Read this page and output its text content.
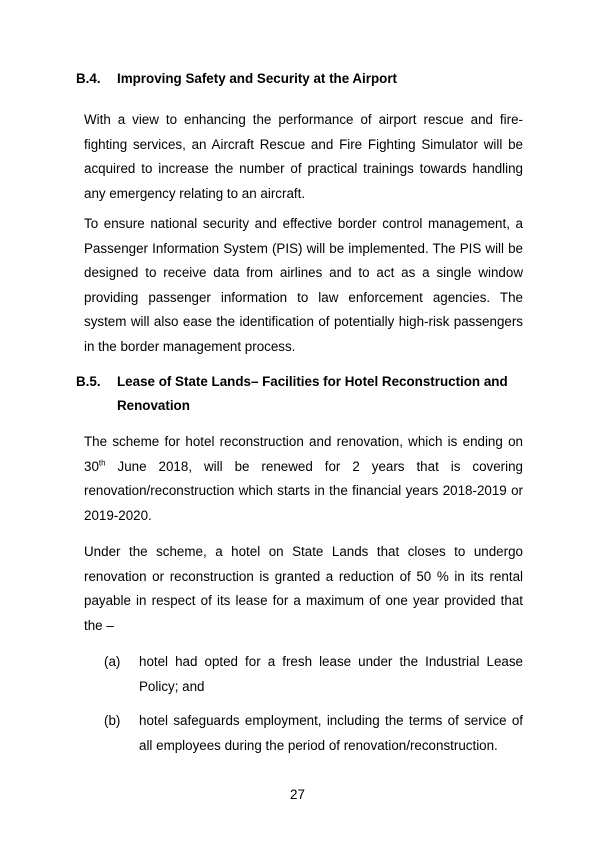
B.4. Improving Safety and Security at the Airport

With a view to enhancing the performance of airport rescue and fire-fighting services, an Aircraft Rescue and Fire Fighting Simulator will be acquired to increase the number of practical trainings towards handling any emergency relating to an aircraft.

To ensure national security and effective border control management, a Passenger Information System (PIS) will be implemented. The PIS will be designed to receive data from airlines and to act as a single window providing passenger information to law enforcement agencies. The system will also ease the identification of potentially high-risk passengers in the border management process.

B.5. Lease of State Lands– Facilities for Hotel Reconstruction and Renovation

The scheme for hotel reconstruction and renovation, which is ending on 30th June 2018, will be renewed for 2 years that is covering renovation/reconstruction which starts in the financial years 2018-2019 or 2019-2020.

Under the scheme, a hotel on State Lands that closes to undergo renovation or reconstruction is granted a reduction of 50 % in its rental payable in respect of its lease for a maximum of one year provided that the –

(a) hotel had opted for a fresh lease under the Industrial Lease Policy; and
(b) hotel safeguards employment, including the terms of service of all employees during the period of renovation/reconstruction.
27
